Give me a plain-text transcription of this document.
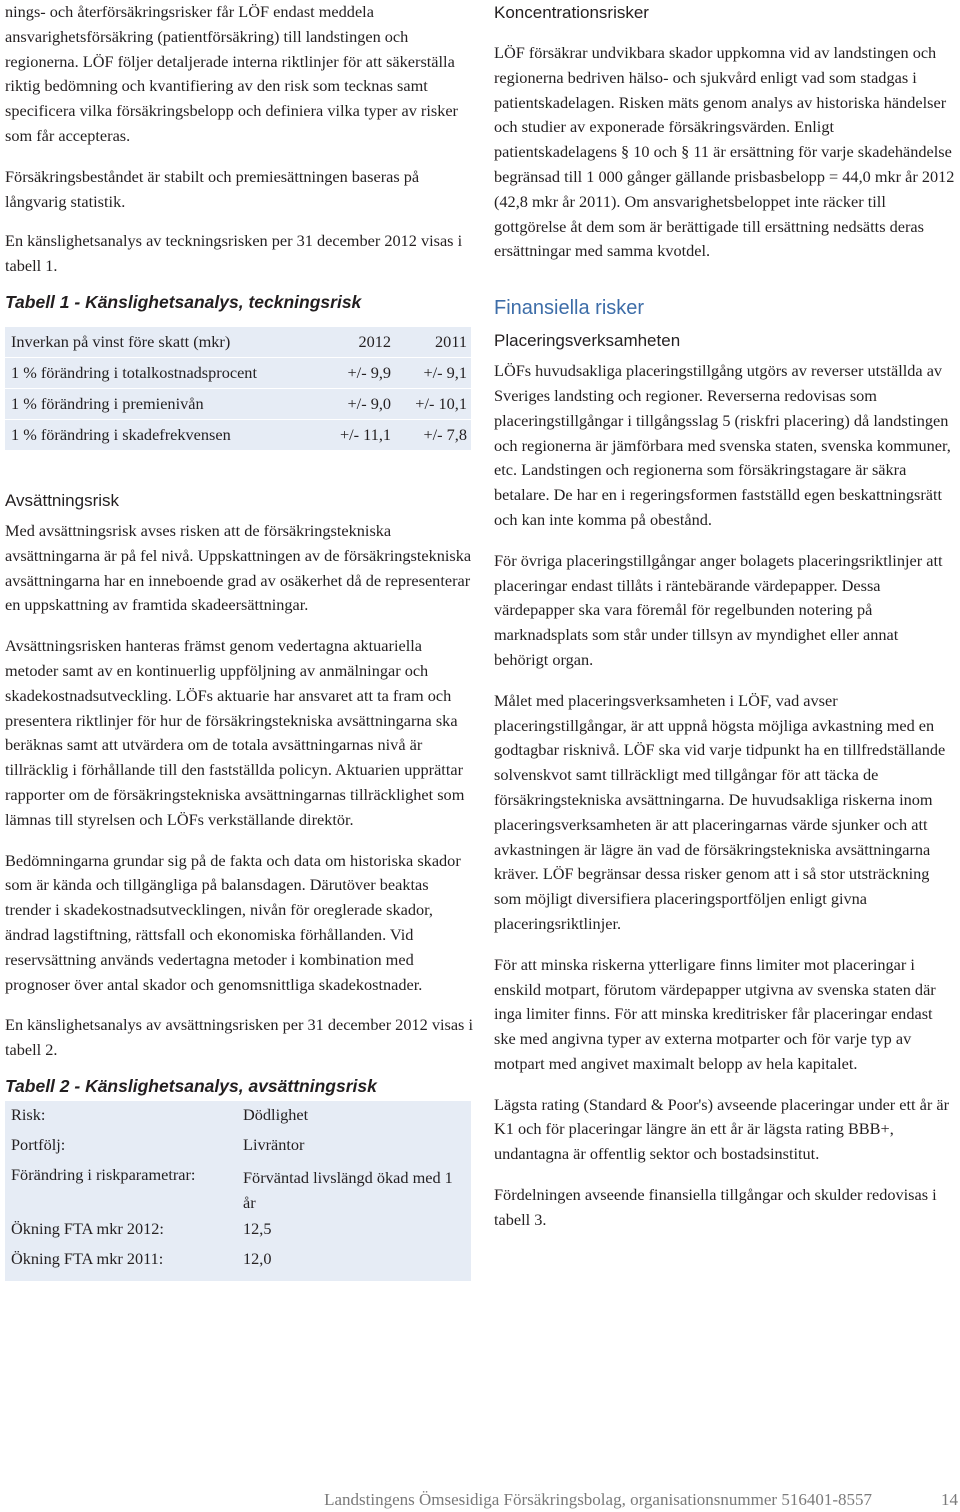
nings- och återförsäkringsrisker får LÖF endast meddela ansvarighetsförsäkring (patientförsäkring) till landstingen och regionerna. LÖF följer detaljerade interna riktlinjer för att säkerställa riktig bedömning och kvantifiering av den risk som tecknas samt specificera vilka försäkringsbelopp och definiera vilka typer av risker som får accepteras.

Försäkringsbeståndet är stabilt och premiesättningen baseras på långvarig statistik.

En känslighetsanalys av teckningsrisken per 31 december 2012 visas i tabell 1.

Tabell 1 - Känslighetsanalys, teckningsrisk
Inverkan på vinst före skatt (mkr)	2012	2011
1 % förändring i totalkostnadsprocent	+/- 9,9	+/- 9,1
1 % förändring i premienivån	+/- 9,0	+/- 10,1
1 % förändring i skadefrekvensen	+/- 11,1	+/- 7,8
Avsättningsrisk

Med avsättningsrisk avses risken att de försäkringstekniska avsättningarna är på fel nivå. Uppskattningen av de försäkringstekniska avsättningarna har en inneboende grad av osäkerhet då de representerar en uppskattning av framtida skadeersättningar.

Avsättningsrisken hanteras främst genom vedertagna aktuariella metoder samt av en kontinuerlig uppföljning av anmälningar och skadekostnadsutveckling. LÖFs aktuarie har ansvaret att ta fram och presentera riktlinjer för hur de försäkringstekniska avsättningarna ska beräknas samt att utvärdera om de totala avsättningarnas nivå är tillräcklig i förhållande till den fastställda policyn. Aktuarien upprättar rapporter om de försäkringstekniska avsättningarnas tillräcklighet som lämnas till styrelsen och LÖFs verkställande direktör.

Bedömningarna grundar sig på de fakta och data om historiska skador som är kända och tillgängliga på balansdagen. Därutöver beaktas trender i skadekostnadsutvecklingen, nivån för oreglerade skador, ändrad lagstiftning, rättsfall och ekonomiska förhållanden. Vid reservsättning används vedertagna metoder i kombination med prognoser över antal skador och genomsnittliga skadekostnader.

En känslighetsanalys av avsättningsrisken per 31 december 2012 visas i tabell 2.

Tabell 2 - Känslighetsanalys, avsättningsrisk
Risk:	Dödlighet
Portfölj:	Livräntor
Förändring i riskparametrar:	Förväntad livslängd ökad med 1 år
Ökning FTA mkr 2012:	12,5
Ökning FTA mkr 2011:	12,0
Koncentrationsrisker

LÖF försäkrar undvikbara skador uppkomna vid av landstingen och regionerna bedriven hälso- och sjukvård enligt vad som stadgas i patientskadelagen. Risken mäts genom analys av historiska händelser och studier av exponerade försäkringsvärden. Enligt patientskadelagens § 10 och § 11 är ersättning för varje skadehändelse begränsad till 1 000 gånger gällande prisbasbelopp = 44,0 mkr år 2012 (42,8 mkr år 2011). Om ansvarighetsbeloppet inte räcker till gottgörelse åt dem som är berättigade till ersättning nedsätts deras ersättningar med samma kvotdel.

Finansiella risker
Placeringsverksamheten

LÖFs huvudsakliga placeringstillgång utgörs av reverser utställda av Sveriges landsting och regioner. Reverserna redovisas som placeringstillgångar i tillgångsslag 5 (riskfri placering) då landstingen och regionerna är jämförbara med svenska staten, svenska kommuner, etc. Landstingen och regionerna som försäkringstagare är säkra betalare. De har en i regeringsformen fastställd egen beskattningsrätt och kan inte komma på obestånd.

För övriga placeringstillgångar anger bolagets placeringsriktlinjer att placeringar endast tillåts i räntebärande värdepapper. Dessa värdepapper ska vara föremål för regelbunden notering på marknadsplats som står under tillsyn av myndighet eller annat behörigt organ.

Målet med placeringsverksamheten i LÖF, vad avser placeringstillgångar, är att uppnå högsta möjliga avkastning med en godtagbar risknivå. LÖF ska vid varje tidpunkt ha en tillfredställande solvenskvot samt tillräckligt med tillgångar för att täcka de försäkringstekniska avsättningarna. De huvudsakliga riskerna inom placeringsverksamheten är att placeringarnas värde sjunker och att avkastningen är lägre än vad de försäkringstekniska avsättningarna kräver. LÖF begränsar dessa risker genom att i så stor utsträckning som möjligt diversifiera placeringsportföljen enligt givna placeringsriktlinjer.

För att minska riskerna ytterligare finns limiter mot placeringar i enskild motpart, förutom värdepapper utgivna av svenska staten där inga limiter finns. För att minska kreditrisker får placeringar endast ske med angivna typer av externa motparter och för varje typ av motpart med angivet maximalt belopp av hela kapitalet.

Lägsta rating (Standard & Poor's) avseende placeringar under ett år är K1 och för placeringar längre än ett år är lägsta rating BBB+, undantagna är offentlig sektor och bostadsinstitut.

Fördelningen avseende finansiella tillgångar och skulder redovisas i tabell 3.

Landstingens Ömsesidiga Försäkringsbolag, organisationsnummer 516401-8557	14
